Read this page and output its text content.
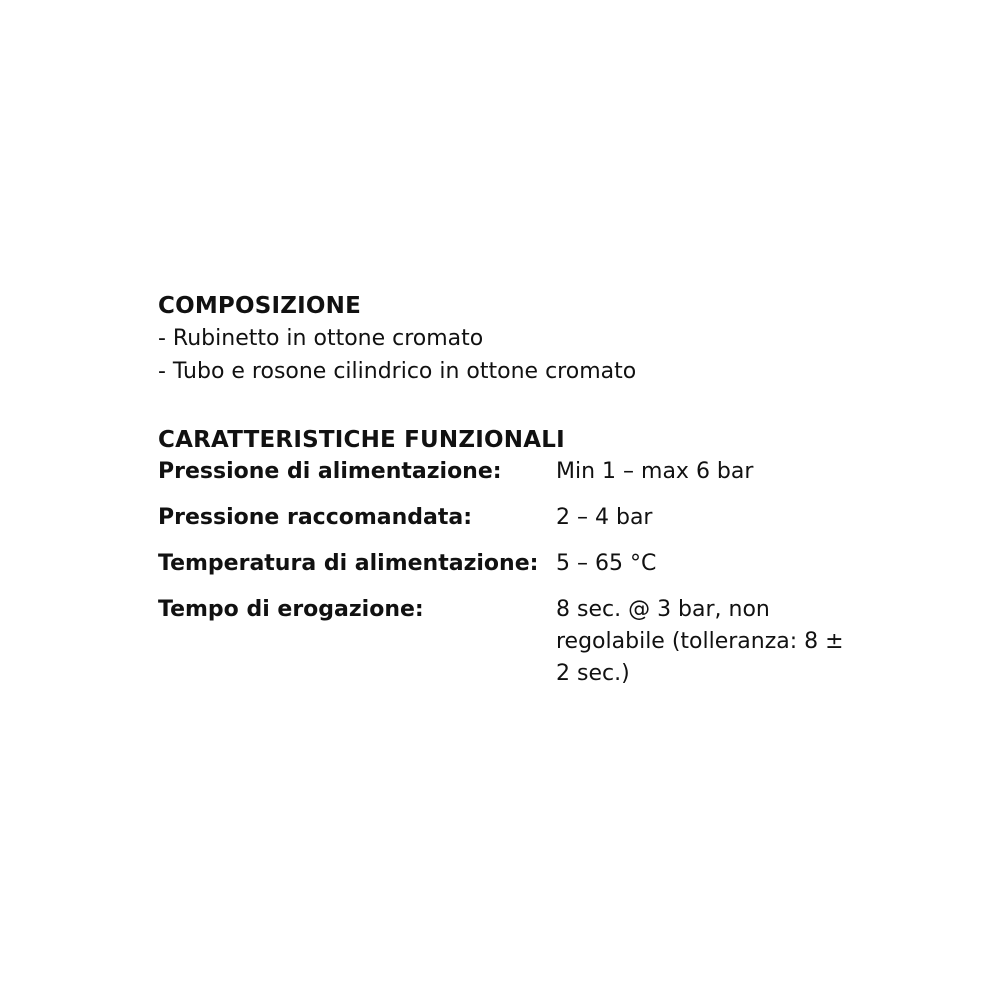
COMPOSIZIONE

- Rubinetto in ottone cromato

- Tubo e rosone cilindrico in ottone cromato

CARATTERISTICHE FUNZIONALI

Pressione di alimentazione:	Min 1 – max 6 bar
Pressione raccomandata:	2 – 4 bar
Temperatura di alimentazione: 5 – 65 °C
Tempo di erogazione:	8 sec. @ 3 bar, non regolabile (tolleranza: 8 ± 2 sec.)
